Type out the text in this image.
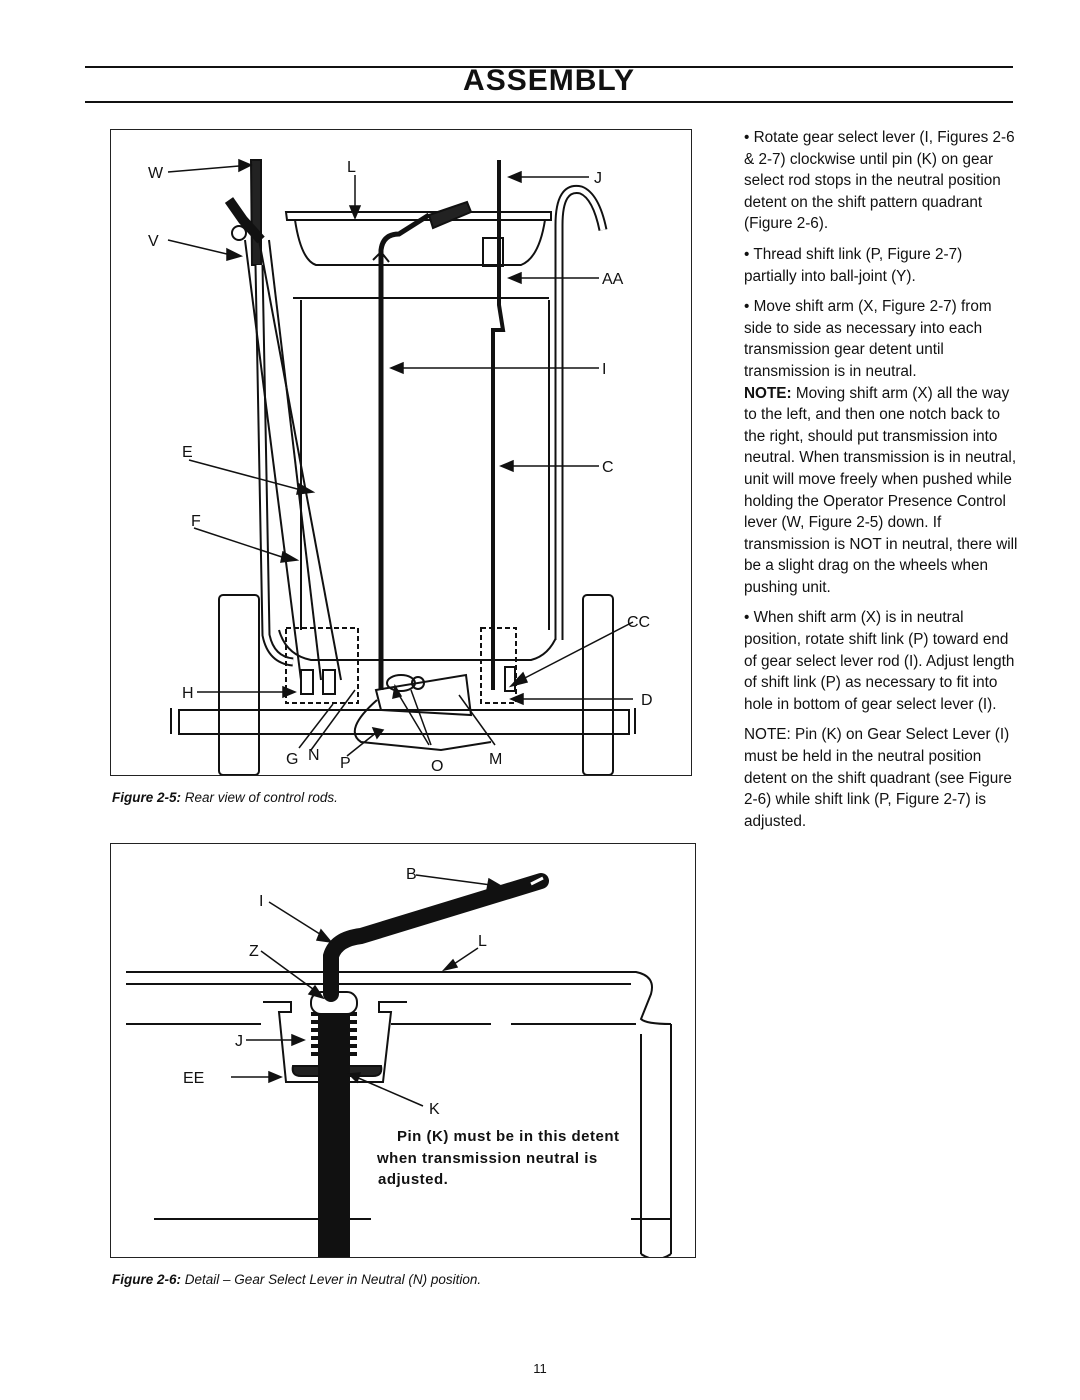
ASSEMBLY
W
V
L
J
AA
I
E
C
F
CC
H	D
G N P	O	M
Figure 2-5: Rear view of control rods.
B
I
L
Z
J
EE
K
Pin (K) must be in this detent
when transmission neutral is
adjusted.
Figure 2-6: Detail – Gear Select Lever in Neutral (N) position.

• Rotate gear select lever (I, Figures 2-6 & 2-7) clockwise until pin (K) on gear select rod stops in the neutral position detent on the shift pattern quadrant (Figure 2-6).

• Thread shift link (P, Figure 2-7) partially into ball-joint (Y).

• Move shift arm (X, Figure 2-7) from side to side as necessary into each transmission gear detent until transmission is in neutral.

NOTE: Moving shift arm (X) all the way to the left, and then one notch back to the right, should put transmission into neutral. When transmission is in neutral, unit will move freely when pushed while holding the Operator Presence Control lever (W, Figure 2-5) down. If transmission is NOT in neutral, there will be a slight drag on the wheels when pushing unit.

• When shift arm (X) is in neutral position, rotate shift link (P) toward end of gear select lever rod (I). Adjust length of shift link (P) as necessary to fit into hole in bottom of gear select lever (I).

NOTE: Pin (K) on Gear Select Lever (I) must be held in the neutral position detent on the shift quadrant (see Figure 2-6) while shift link (P, Figure 2-7) is adjusted.

11
